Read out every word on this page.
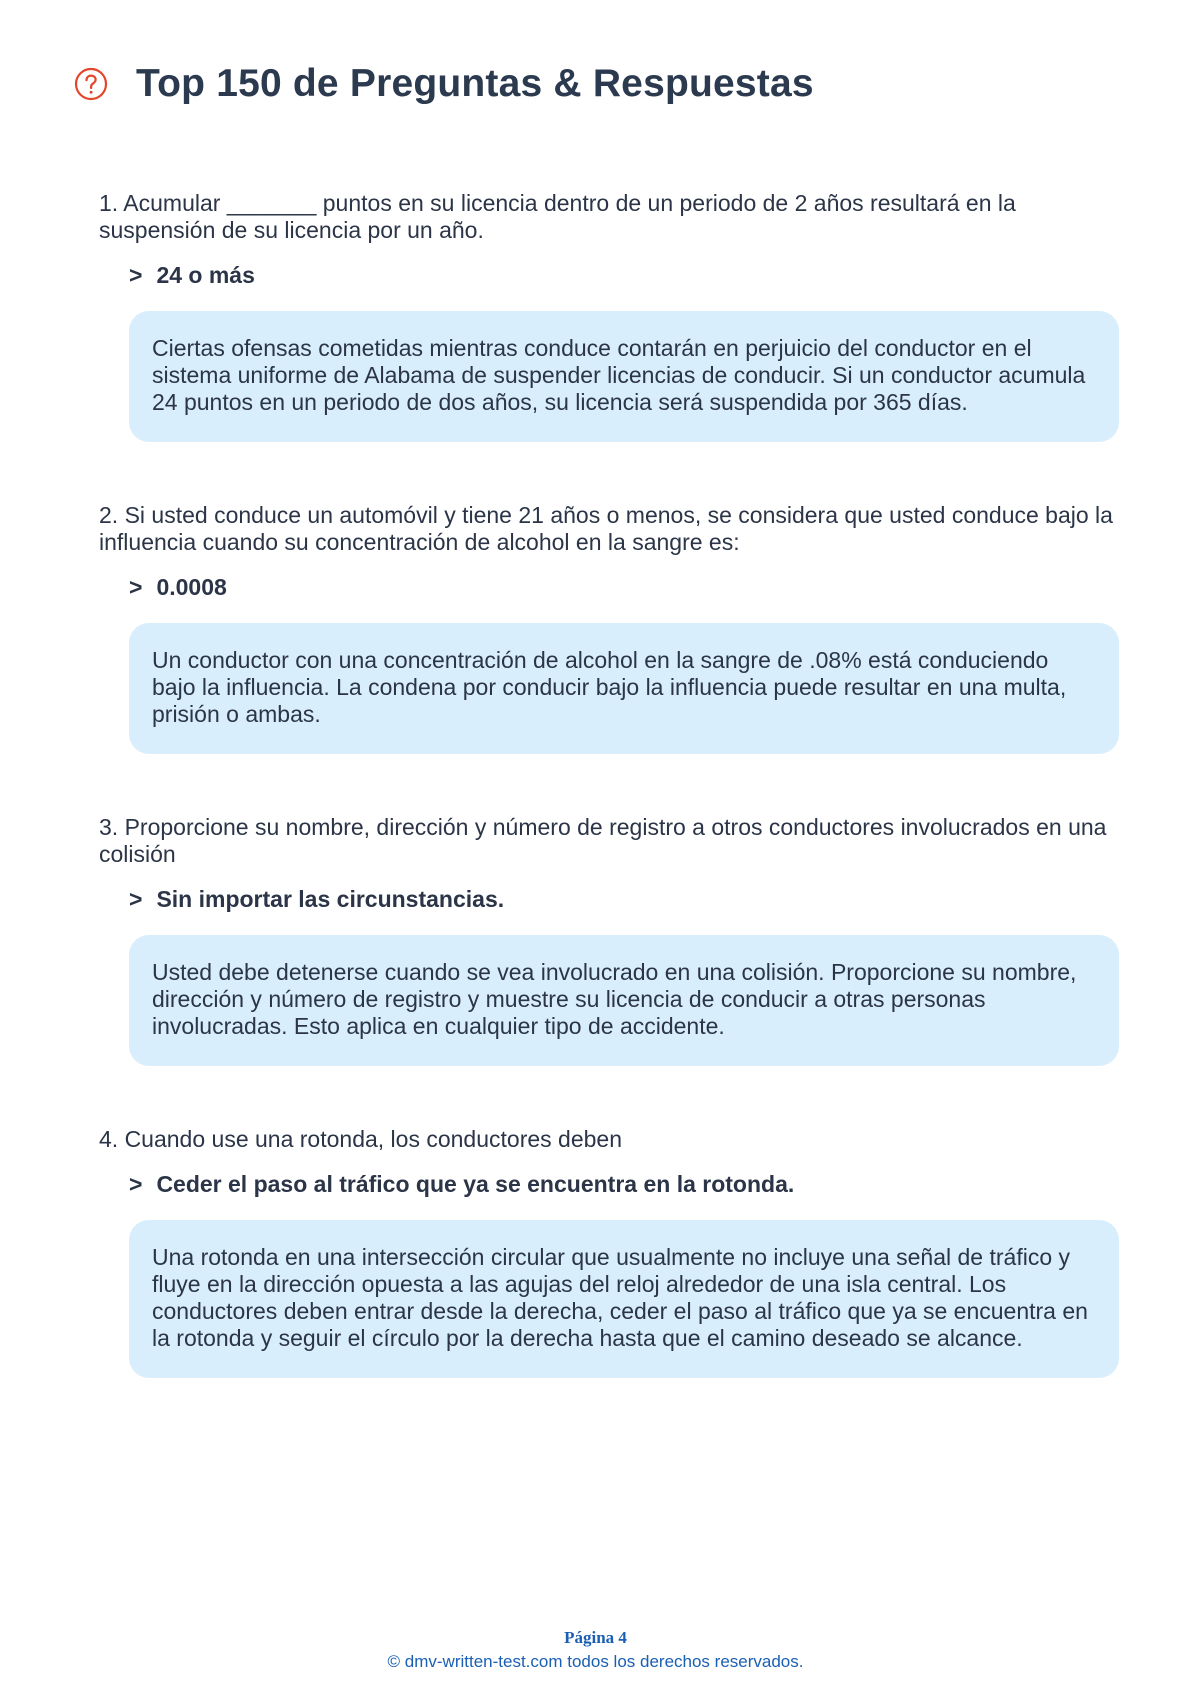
Top 150 de Preguntas & Respuestas
1. Acumular _______ puntos en su licencia dentro de un periodo de 2 años resultará en la suspensión de su licencia por un año.
> 24 o más
Ciertas ofensas cometidas mientras conduce contarán en perjuicio del conductor en el sistema uniforme de Alabama de suspender licencias de conducir. Si un conductor acumula 24 puntos en un periodo de dos años, su licencia será suspendida por 365 días.
2. Si usted conduce un automóvil y tiene 21 años o menos, se considera que usted conduce bajo la influencia cuando su concentración de alcohol en la sangre es:
> 0.0008
Un conductor con una concentración de alcohol en la sangre de .08% está conduciendo bajo la influencia. La condena por conducir bajo la influencia puede resultar en una multa, prisión o ambas.
3. Proporcione su nombre, dirección y número de registro a otros conductores involucrados en una colisión
> Sin importar las circunstancias.
Usted debe detenerse cuando se vea involucrado en una colisión. Proporcione su nombre, dirección y número de registro y muestre su licencia de conducir a otras personas involucradas. Esto aplica en cualquier tipo de accidente.
4. Cuando use una rotonda, los conductores deben
> Ceder el paso al tráfico que ya se encuentra en la rotonda.
Una rotonda en una intersección circular que usualmente no incluye una señal de tráfico y fluye en la dirección opuesta a las agujas del reloj alrededor de una isla central. Los conductores deben entrar desde la derecha, ceder el paso al tráfico que ya se encuentra en la rotonda y seguir el círculo por la derecha hasta que el camino deseado se alcance.
Página 4
© dmv-written-test.com todos los derechos reservados.
